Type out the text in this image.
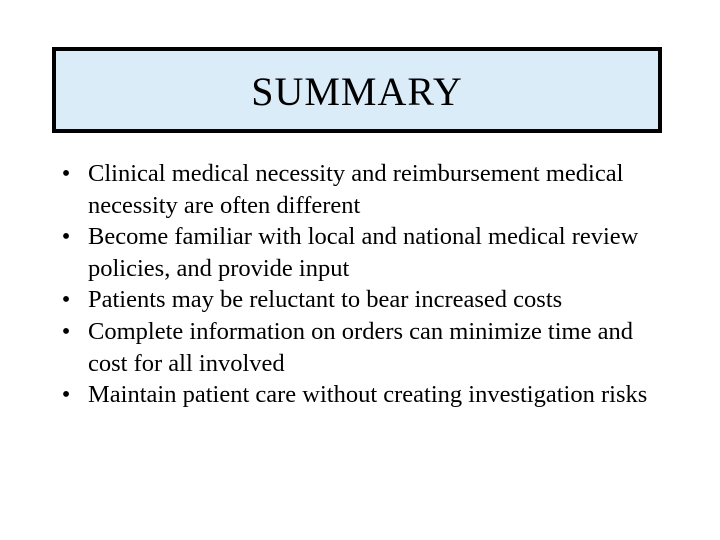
SUMMARY
• Clinical medical necessity and reimbursement medical necessity are often different
• Become familiar with local and national medical review policies, and provide input
• Patients may be reluctant to bear increased costs
• Complete information on orders can minimize time and cost for all involved
• Maintain patient care without creating investigation risks
